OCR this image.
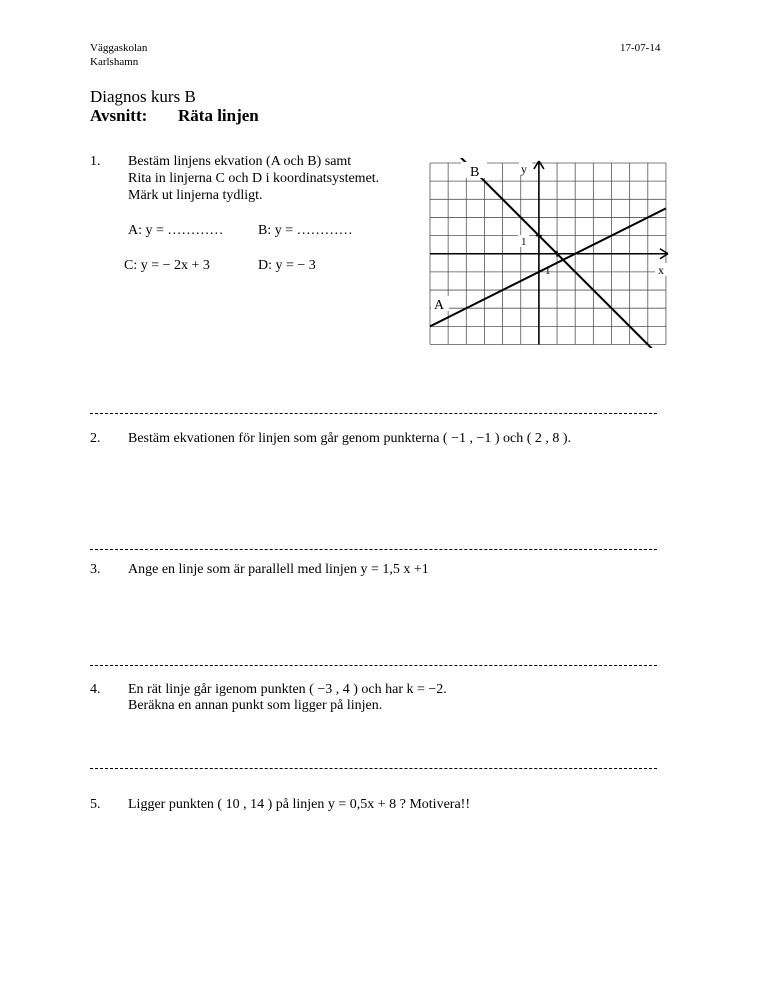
Väggaskolan
Karlshamn
17-07-14
Diagnos kurs B
Avsnitt: Räta linjen
1. Bestäm linjens ekvation (A och B) samt
Rita in linjerna C och D i koordinatsystemet.
Märk ut linjerna tydligt.
A: y = ………… B: y = …………
C: y = − 2x + 3	D: y = − 3
B
A
y
x
1
1
2. Bestäm ekvationen för linjen som går genom punkterna ( −1 , −1 ) och ( 2 , 8 ).
3. Ange en linje som är parallell med linjen y = 1,5 x +1
4. En rät linje går igenom punkten ( −3 , 4 ) och har k = −2.
Beräkna en annan punkt som ligger på linjen.
5. Ligger punkten ( 10 , 14 ) på linjen y = 0,5x + 8 ? Motivera!!
